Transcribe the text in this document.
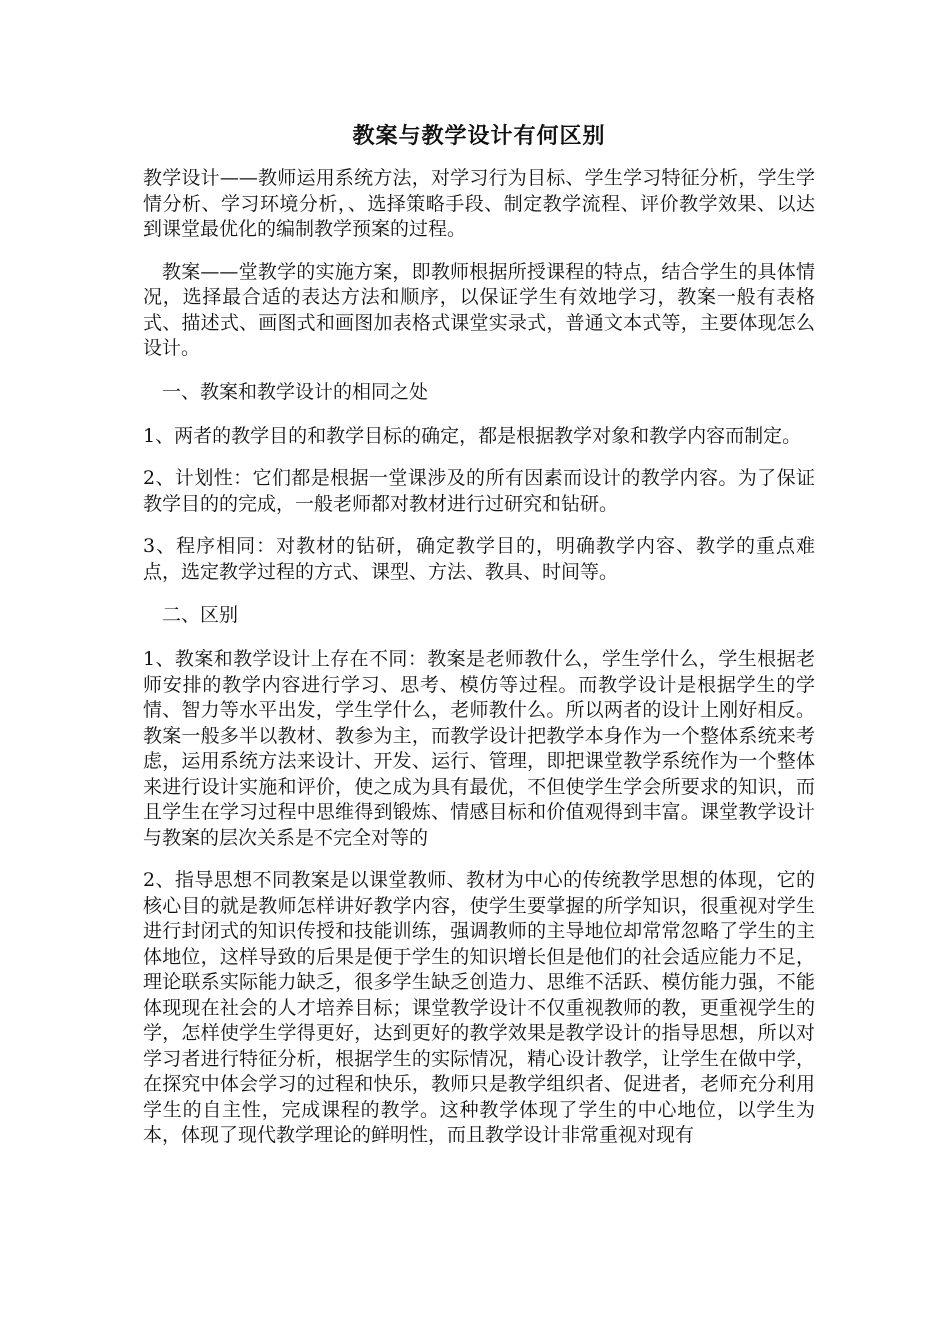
教案与教学设计有何区别

教学设计——教师运用系统方法，对学习行为目标、学生学习特征分析，学生学情分析、学习环境分析，、选择策略手段、制定教学流程、评价教学效果、以达到课堂最优化的编制教学预案的过程。

教案——堂教学的实施方案，即教师根据所授课程的特点，结合学生的具体情况，选择最合适的表达方法和顺序，以保证学生有效地学习，教案一般有表格式、描述式、画图式和画图加表格式课堂实录式，普通文本式等，主要体现怎么设计。

一、教案和教学设计的相同之处

1、两者的教学目的和教学目标的确定，都是根据教学对象和教学内容而制定。

2、计划性：它们都是根据一堂课涉及的所有因素而设计的教学内容。为了保证教学目的的完成，一般老师都对教材进行过研究和钻研。

3、程序相同：对教材的钻研，确定教学目的，明确教学内容、教学的重点难点，选定教学过程的方式、课型、方法、教具、时间等。

二、区别

1、教案和教学设计上存在不同：教案是老师教什么，学生学什么，学生根据老师安排的教学内容进行学习、思考、模仿等过程。而教学设计是根据学生的学情、智力等水平出发，学生学什么，老师教什么。所以两者的设计上刚好相反。教案一般多半以教材、教参为主，而教学设计把教学本身作为一个整体系统来考虑，运用系统方法来设计、开发、运行、管理，即把课堂教学系统作为一个整体来进行设计实施和评价，使之成为具有最优，不但使学生学会所要求的知识，而且学生在学习过程中思维得到锻炼、情感目标和价值观得到丰富。课堂教学设计与教案的层次关系是不完全对等的

2、指导思想不同教案是以课堂教师、教材为中心的传统教学思想的体现，它的核心目的就是教师怎样讲好教学内容，使学生要掌握的所学知识，很重视对学生进行封闭式的知识传授和技能训练，强调教师的主导地位却常常忽略了学生的主体地位，这样导致的后果是便于学生的知识增长但是他们的社会适应能力不足，理论联系实际能力缺乏，很多学生缺乏创造力、思维不活跃、模仿能力强，不能体现现在社会的人才培养目标；课堂教学设计不仅重视教师的教，更重视学生的学，怎样使学生学得更好，达到更好的教学效果是教学设计的指导思想，所以对学习者进行特征分析，根据学生的实际情况，精心设计教学，让学生在做中学，在探究中体会学习的过程和快乐，教师只是教学组织者、促进者，老师充分利用学生的自主性，完成课程的教学。这种教学体现了学生的中心地位，以学生为本，体现了现代教学理论的鲜明性，而且教学设计非常重视对现有
